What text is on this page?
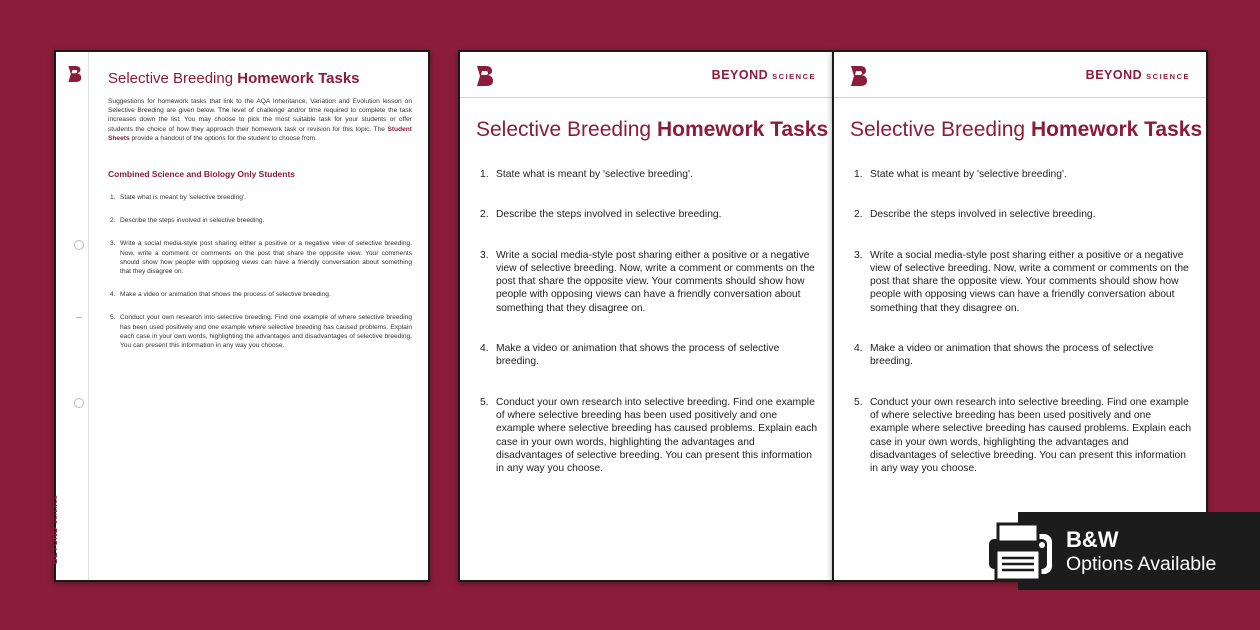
BEYONDSCIENCE
Selective Breeding Homework Tasks

Suggestions for homework tasks that link to the AQA Inheritance, Variation and Evolution lesson on Selective Breeding are given below. The level of challenge and/or time required to complete the task increases down the list. You may choose to pick the most suitable task for your students or offer students the choice of how they approach their homework task or revision for this topic. The Student Sheets provide a handout of the options for the student to choose from.

Combined Science and Biology Only Students
1. State what is meant by 'selective breeding'.
2. Describe the steps involved in selective breeding.
3. Write a social media-style post sharing either a positive or a negative view of selective breeding. Now, write a comment or comments on the post that share the opposite view. Your comments should show how people with opposing views can have a friendly conversation about something that they disagree on.
4. Make a video or animation that shows the process of selective breeding.
5. Conduct your own research into selective breeding. Find one example of where selective breeding has been used positively and one example where selective breeding has caused problems. Explain each case in your own words, highlighting the advantages and disadvantages of selective breeding. You can present this information in any way you choose.
BEYOND SCIENCE
Selective Breeding Homework Tasks
1. State what is meant by 'selective breeding'.
2. Describe the steps involved in selective breeding.
3. Write a social media-style post sharing either a positive or a negative view of selective breeding. Now, write a comment or comments on the post that share the opposite view. Your comments should show how people with opposing views can have a friendly conversation about something that they disagree on.
4. Make a video or animation that shows the process of selective breeding.
5. Conduct your own research into selective breeding. Find one example of where selective breeding has been used positively and one example where selective breeding has caused problems. Explain each case in your own words, highlighting the advantages and disadvantages of selective breeding. You can present this information in any way you choose.
BEYOND SCIENCE
Selective Breeding Homework Tasks
1. State what is meant by 'selective breeding'.
2. Describe the steps involved in selective breeding.
3. Write a social media-style post sharing either a positive or a negative view of selective breeding. Now, write a comment or comments on the post that share the opposite view. Your comments should show how people with opposing views can have a friendly conversation about something that they disagree on.
4. Make a video or animation that shows the process of selective breeding.
5. Conduct your own research into selective breeding. Find one example of where selective breeding has been used positively and one example where selective breeding has caused problems. Explain each case in your own words, highlighting the advantages and disadvantages of selective breeding. You can present this information in any way you choose.
B&W
Options Available
